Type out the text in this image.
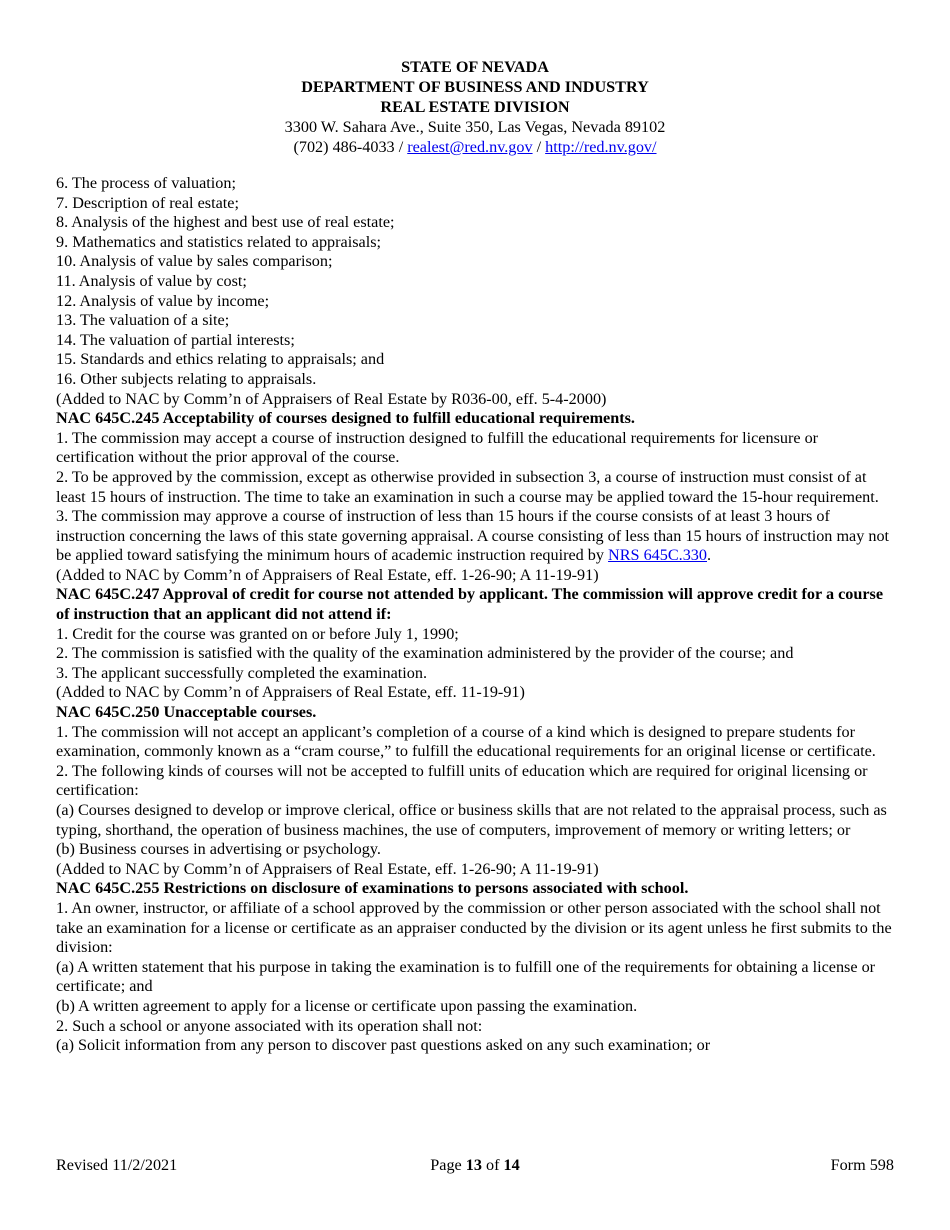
STATE OF NEVADA
DEPARTMENT OF BUSINESS AND INDUSTRY
REAL ESTATE DIVISION
3300 W. Sahara Ave., Suite 350, Las Vegas, Nevada 89102
(702) 486-4033 / realest@red.nv.gov / http://red.nv.gov/

6. The process of valuation;

7. Description of real estate;

8. Analysis of the highest and best use of real estate;

9. Mathematics and statistics related to appraisals;

10. Analysis of value by sales comparison;

11. Analysis of value by cost;

12. Analysis of value by income;

13. The valuation of a site;

14. The valuation of partial interests;

15. Standards and ethics relating to appraisals; and

16. Other subjects relating to appraisals.

(Added to NAC by Comm’n of Appraisers of Real Estate by R036-00, eff. 5-4-2000)

NAC 645C.245 Acceptability of courses designed to fulfill educational requirements.

1. The commission may accept a course of instruction designed to fulfill the educational requirements for licensure or certification without the prior approval of the course.

2. To be approved by the commission, except as otherwise provided in subsection 3, a course of instruction must consist of at least 15 hours of instruction. The time to take an examination in such a course may be applied toward the 15-hour requirement.

3. The commission may approve a course of instruction of less than 15 hours if the course consists of at least 3 hours of instruction concerning the laws of this state governing appraisal. A course consisting of less than 15 hours of instruction may not be applied toward satisfying the minimum hours of academic instruction required by NRS 645C.330.

(Added to NAC by Comm’n of Appraisers of Real Estate, eff. 1-26-90; A 11-19-91)

NAC 645C.247 Approval of credit for course not attended by applicant. The commission will approve credit for a course of instruction that an applicant did not attend if:

1. Credit for the course was granted on or before July 1, 1990;

2. The commission is satisfied with the quality of the examination administered by the provider of the course; and

3. The applicant successfully completed the examination.

(Added to NAC by Comm’n of Appraisers of Real Estate, eff. 11-19-91)

NAC 645C.250 Unacceptable courses.

1. The commission will not accept an applicant’s completion of a course of a kind which is designed to prepare students for examination, commonly known as a “cram course,” to fulfill the educational requirements for an original license or certificate.

2. The following kinds of courses will not be accepted to fulfill units of education which are required for original licensing or certification:

(a) Courses designed to develop or improve clerical, office or business skills that are not related to the appraisal process, such as typing, shorthand, the operation of business machines, the use of computers, improvement of memory or writing letters; or

(b) Business courses in advertising or psychology.

(Added to NAC by Comm’n of Appraisers of Real Estate, eff. 1-26-90; A 11-19-91)

NAC 645C.255 Restrictions on disclosure of examinations to persons associated with school.

1. An owner, instructor, or affiliate of a school approved by the commission or other person associated with the school shall not take an examination for a license or certificate as an appraiser conducted by the division or its agent unless he first submits to the division:

(a) A written statement that his purpose in taking the examination is to fulfill one of the requirements for obtaining a license or certificate; and

(b) A written agreement to apply for a license or certificate upon passing the examination.

2. Such a school or anyone associated with its operation shall not:

(a) Solicit information from any person to discover past questions asked on any such examination; or

Revised 11/2/2021	Page 13 of 14	Form 598
